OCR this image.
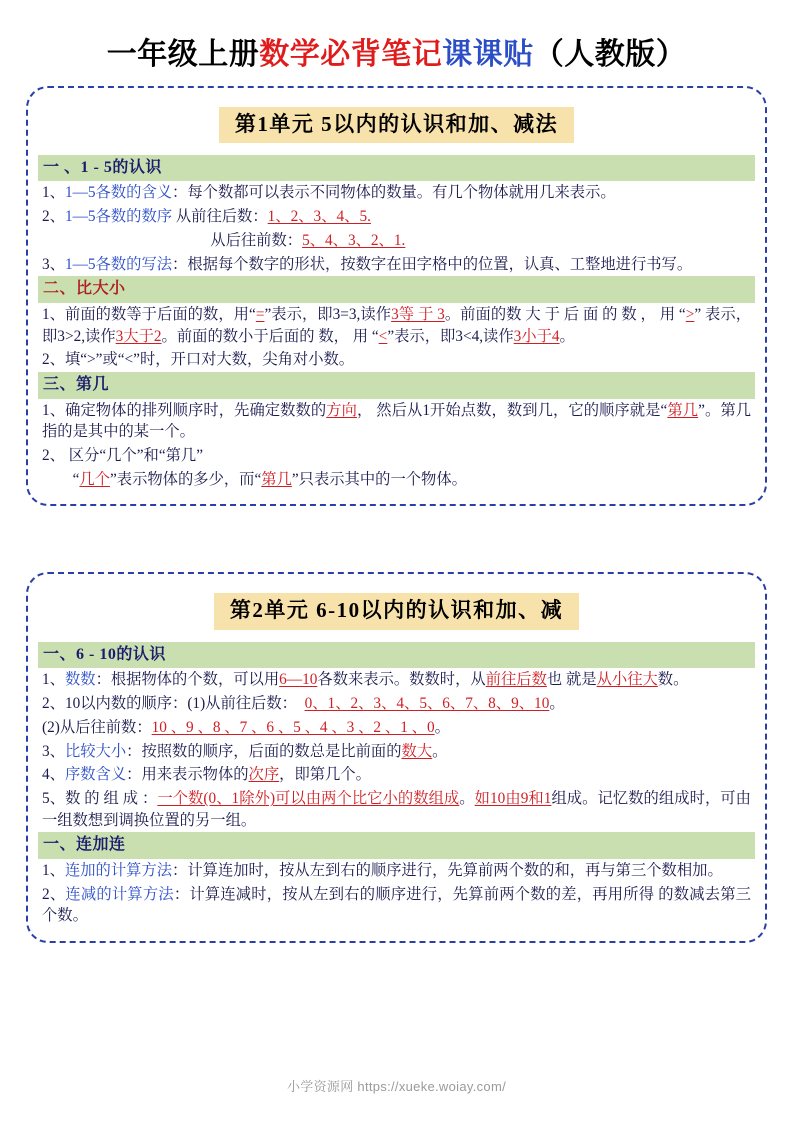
一年级上册数学必背笔记课课贴（人教版）
第1单元 5以内的认识和加、减法
一 、1 - 5的认识
1、1—5各数的含义：每个数都可以表示不同物体的数量。有几个物体就用几来表示。
2、1—5各数的数序 从前往后数：1、2、3、4、5.
　　　　　　　　　　　从后往前数：5、4、3、2、1.
3、1—5各数的写法：根据每个数字的形状，按数字在田字格中的位置，认真、工整地进行书写。
二、比大小
1、前面的数等于后面的数，用“=”表示，即3=3,读作3等 于 3。前面的数 大 于 后 面 的 数 ， 用 “>” 表示，即3>2,读作3大于2。前面的数小于后面的 数， 用 “<”表示，即3<4,读作3小于4。
2、填“>”或“<”时，开口对大数，尖角对小数。
三、第几
1、确定物体的排列顺序时，先确定数数的方向， 然后从1开始点数，数到几，它的顺序就是“第几”。第几指的是其中的某一个。
2、 区分“几个”和“第几”
　　“几个”表示物体的多少，而“第几”只表示其中的一个物体。
第2单元 6-10以内的认识和加、减
一、6 - 10的认识
1、数数：根据物体的个数，可以用6—10各数来表示。数数时，从前往后数也 就是从小往大数。
2、10以内数的顺序：(1)从前往后数：　0、1、2、3、4、5、6、7、8、9、10。
(2)从后往前数：10 、9 、8 、7 、6 、5 、4 、3 、2 、1 、0。
3、比较大小：按照数的顺序，后面的数总是比前面的数大。
4、序数含义：用来表示物体的次序，即第几个。
5、数 的 组 成 ：一个数(0、1除外)可以由两个比它小的数组成。如10由9和1组成。记忆数的组成时，可由一组数想到调换位置的另一组。
一、连加连
1、连加的计算方法：计算连加时，按从左到右的顺序进行，先算前两个数的和，再与第三个数相加。
2、连减的计算方法：计算连减时，按从左到右的顺序进行，先算前两个数的差，再用所得 的数减去第三个数。
小学资源网 https://xueke.woiay.com/
